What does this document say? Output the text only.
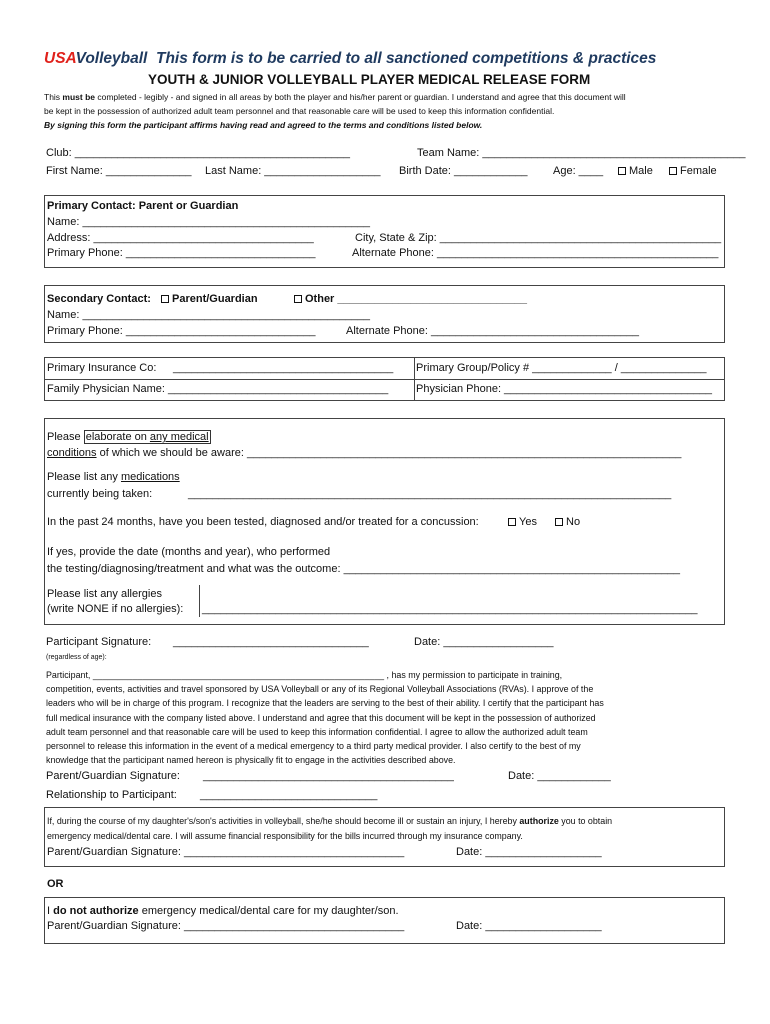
USAVolleyball This form is to be carried to all sanctioned competitions & practices
YOUTH & JUNIOR VOLLEYBALL PLAYER MEDICAL RELEASE FORM
This must be completed - legibly - and signed in all areas by both the player and his/her parent or guardian. I understand and agree that this document will
be kept in the possession of authorized adult team personnel and that reasonable care will be used to keep this information confidential.
By signing this form the participant affirms having read and agreed to the terms and conditions listed below.
Club: _____________________________________________	Team Name: ___________________________________________
First Name: ______________ Last Name: ___________________ Birth Date: ____________ Age: ____	Male	Female
Primary Contact: Parent or Guardian
Name: _______________________________________________
Address: ____________________________________	City, State & Zip: ______________________________________________
Primary Phone: _______________________________	Alternate Phone: ______________________________________________
Secondary Contact:	Parent/Guardian	Other _______________________________
Name: _______________________________________________
Primary Phone: _______________________________	Alternate Phone: __________________________________
Primary Insurance Co: ____________________________________ Primary Group/Policy # _____________ / ______________
Family Physician Name: ____________________________________	Physician Phone: __________________________________
Please elaborate on any medical
conditions of which we should be aware: _______________________________________________________________________
Please list any medications
currently being taken:	_______________________________________________________________________________
In the past 24 months, have you been tested, diagnosed and/or treated for a concussion:	Yes	No
If yes, provide the date (months and year), who performed
the testing/diagnosing/treatment and what was the outcome: _______________________________________________________
Please list any allergies
(write NONE if no allergies): _________________________________________________________________________________
Participant Signature: ________________________________	Date: __________________
(regardless of age):
Participant, ___________________________________________________________ , has my permission to participate in training,
competition, events, activities and travel sponsored by USA Volleyball or any of its Regional Volleyball Associations (RVAs). I approve of the
leaders who will be in charge of this program. I recognize that the leaders are serving to the best of their ability. I certify that the participant has
full medical insurance with the company listed above. I understand and agree that this document will be kept in the possession of authorized
adult team personnel and that reasonable care will be used to keep this information confidential. I agree to allow the authorized adult team
personnel to release this information in the event of a medical emergency to a third party medical provider. I also certify to the best of my
knowledge that the participant named hereon is physically fit to engage in the activities described above.
Parent/Guardian Signature: _________________________________________	Date: ____________
Relationship to Participant: _____________________________
If, during the course of my daughter's/son's activities in volleyball, she/he should become ill or sustain an injury, I hereby authorize you to obtain
emergency medical/dental care. I will assume financial responsibility for the bills incurred through my insurance company.
Parent/Guardian Signature: ____________________________________	Date: ___________________
OR
I do not authorize emergency medical/dental care for my daughter/son.
Parent/Guardian Signature: ____________________________________	Date: ___________________
